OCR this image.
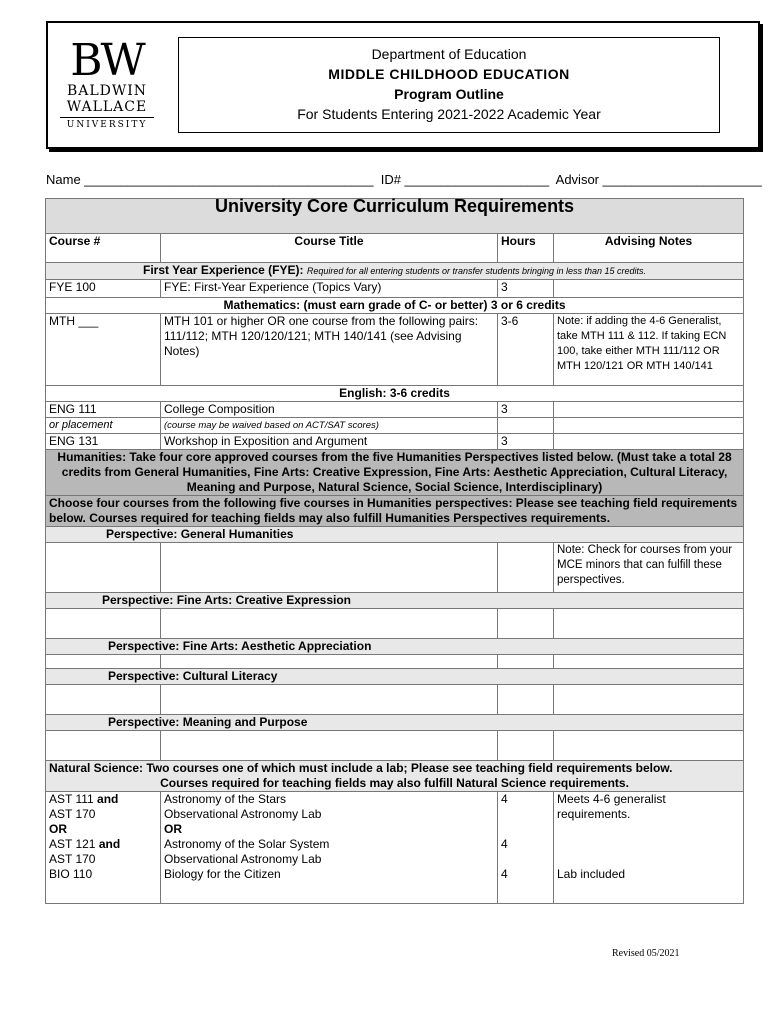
BW
BALDWIN
WALLACE
UNIVERSITY
Department of Education
MIDDLE CHILDHOOD EDUCATION
Program Outline
For Students Entering 2021-2022 Academic Year
Name ________________________________________  ID# ____________________  Advisor ______________________
University Core Curriculum Requirements			
Course #	Course Title	Hours	Advising Notes
First Year Experience (FYE): Required for all entering students or transfer students bringing in less than 15 credits.			
FYE 100	FYE: First-Year Experience (Topics Vary)	3	
Mathematics: (must earn grade of C- or better) 3 or 6 credits			
MTH ___	MTH 101 or higher OR one course from the following pairs: 111/112; MTH 120/120/121; MTH 140/141 (see Advising Notes)	3-6	Note: if adding the 4-6 Generalist, take MTH 111 & 112. If taking ECN 100, take either MTH 111/112 OR MTH 120/121 OR MTH 140/141
English: 3-6 credits			
ENG 111	College Composition	3	
or placement	(course may be waived based on ACT/SAT scores)		
ENG 131	Workshop in Exposition and Argument	3	
Humanities: Take four core approved courses from the five Humanities Perspectives listed below. (Must take a total 28 credits from General Humanities, Fine Arts: Creative Expression, Fine Arts: Aesthetic Appreciation, Cultural Literacy, Meaning and Purpose, Natural Science, Social Science, Interdisciplinary)			
Choose four courses from the following five courses in Humanities perspectives: Please see teaching field requirements below. Courses required for teaching fields may also fulfill Humanities Perspectives requirements.			
Perspective: General Humanities			
			Note: Check for courses from your MCE minors that can fulfill these perspectives.
Perspective: Fine Arts: Creative Expression			

Perspective: Fine Arts: Aesthetic Appreciation			

Perspective: Cultural Literacy			

Perspective: Meaning and Purpose			

Natural Science: Two courses one of which must include a lab; Please see teaching field requirements below.
Courses required for teaching fields may also fulfill Natural Science requirements.			

AST 111 and	Astronomy of the Stars	4	Meets 4-6 generalist
AST 170	Observational Astronomy Lab		requirements.
OR	OR		
AST 121 and	Astronomy of the Solar System	4	
AST 170	Observational Astronomy Lab		
BIO 110	Biology for the Citizen	4	Lab included
Revised 05/2021
